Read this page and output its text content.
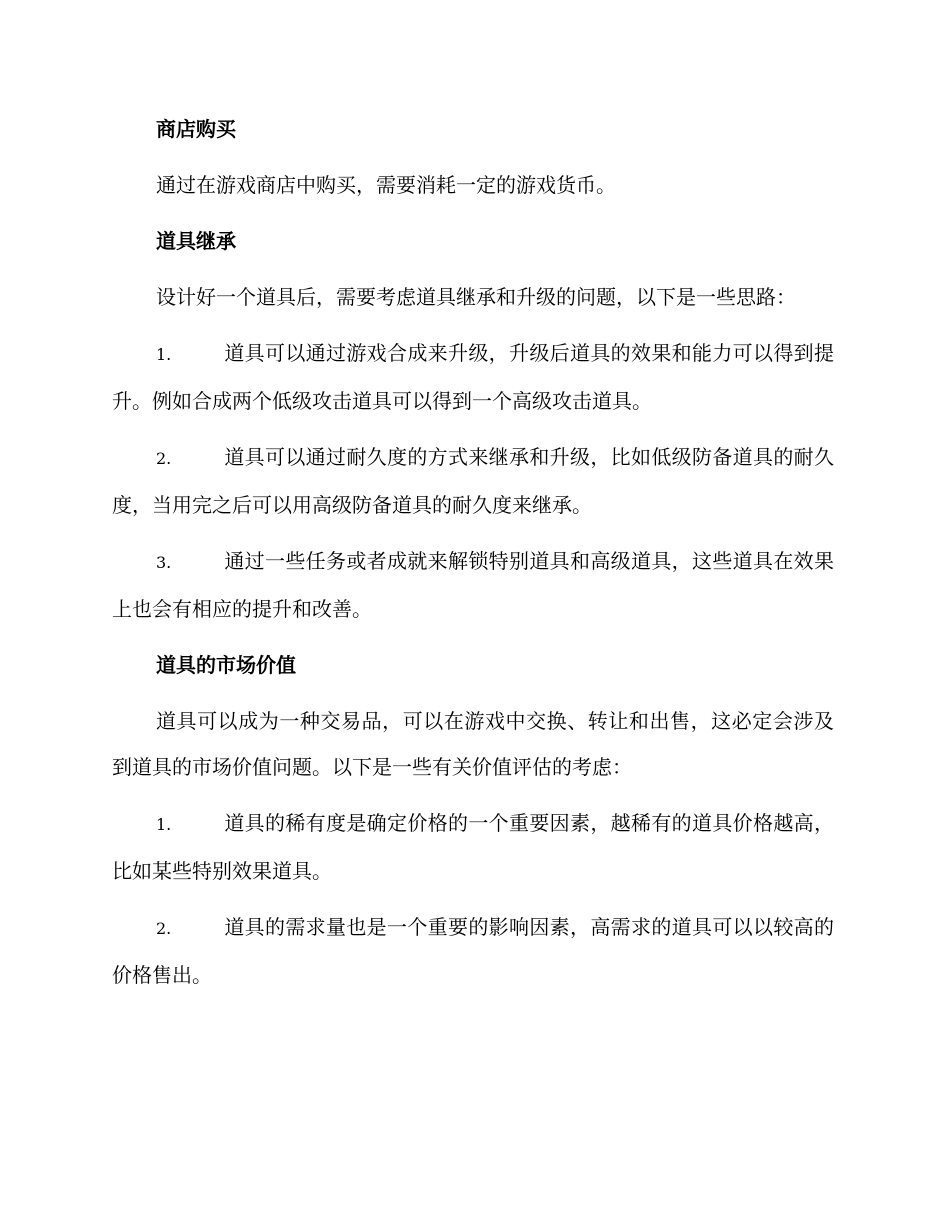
商店购买
通过在游戏商店中购买，需要消耗一定的游戏货币。
道具继承
设计好一个道具后，需要考虑道具继承和升级的问题，以下是一些思路：
1.	道具可以通过游戏合成来升级，升级后道具的效果和能力可以得到提升。例如合成两个低级攻击道具可以得到一个高级攻击道具。
2.	道具可以通过耐久度的方式来继承和升级，比如低级防备道具的耐久度，当用完之后可以用高级防备道具的耐久度来继承。
3.	通过一些任务或者成就来解锁特别道具和高级道具，这些道具在效果上也会有相应的提升和改善。
道具的市场价值
道具可以成为一种交易品，可以在游戏中交换、转让和出售，这必定会涉及到道具的市场价值问题。以下是一些有关价值评估的考虑：
1.	道具的稀有度是确定价格的一个重要因素，越稀有的道具价格越高，比如某些特别效果道具。
2.	道具的需求量也是一个重要的影响因素，高需求的道具可以以较高的价格售出。
